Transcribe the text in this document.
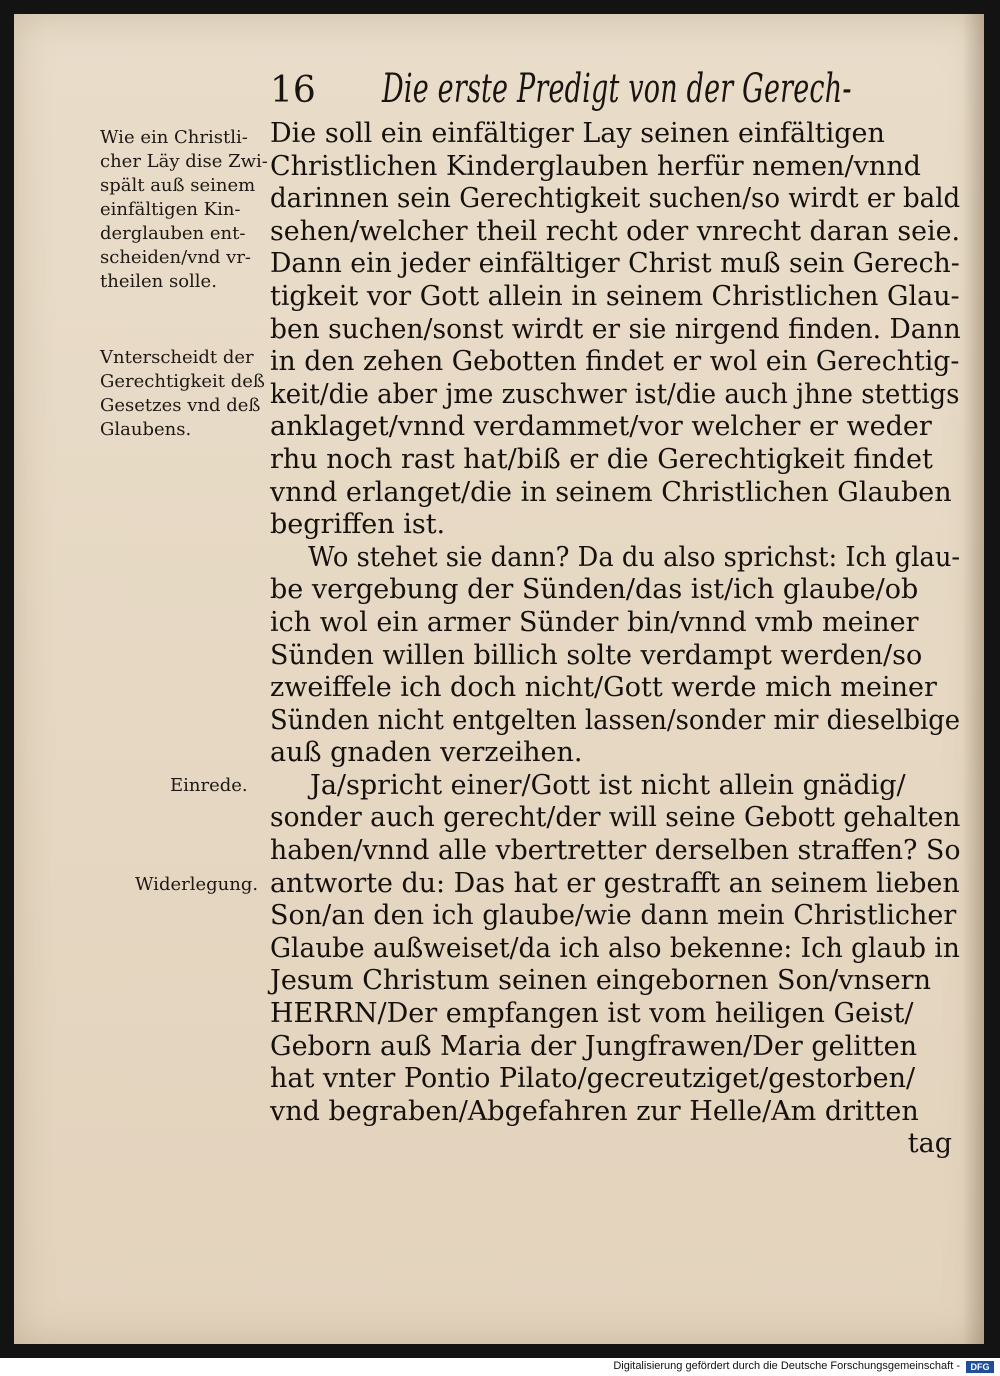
16 Die erste Predigt von der Gerech-
Wie ein Christli-
cher Läy dise Zwi-
spält auß seinem
einfältigen Kin-
derglauben ent-
scheiden/vnd vr-
theilen solle.
Vnterscheidt der
Gerechtigkeit deß
Gesetzes vnd deß
Glaubens.
Einrede.
Widerlegung.
Die soll ein einfältiger Lay seinen einfältigen
Christlichen Kinderglauben herfür nemen/vnnd
darinnen sein Gerechtigkeit suchen/so wirdt er bald
sehen/welcher theil recht oder vnrecht daran seie.
Dann ein jeder einfältiger Christ muß sein Gerech-
tigkeit vor Gott allein in seinem Christlichen Glau-
ben suchen/sonst wirdt er sie nirgend finden. Dann
in den zehen Gebotten findet er wol ein Gerechtig-
keit/die aber jme zuschwer ist/die auch jhne stettigs
anklaget/vnnd verdammet/vor welcher er weder
rhu noch rast hat/biß er die Gerechtigkeit findet
vnnd erlanget/die in seinem Christlichen Glauben
begriffen ist.
Wo stehet sie dann? Da du also sprichst: Ich glau-
be vergebung der Sünden/das ist/ich glaube/ob
ich wol ein armer Sünder bin/vnnd vmb meiner
Sünden willen billich solte verdampt werden/so
zweiffele ich doch nicht/Gott werde mich meiner
Sünden nicht entgelten lassen/sonder mir dieselbige
auß gnaden verzeihen.
Ja/spricht einer/Gott ist nicht allein gnädig/
sonder auch gerecht/der will seine Gebott gehalten
haben/vnnd alle vbertretter derselben straffen? So
antworte du: Das hat er gestrafft an seinem lieben
Son/an den ich glaube/wie dann mein Christlicher
Glaube außweiset/da ich also bekenne: Ich glaub in
Jesum Christum seinen eingebornen Son/vnsern
HERRN/Der empfangen ist vom heiligen Geist/
Geborn auß Maria der Jungfrawen/Der gelitten
hat vnter Pontio Pilato/gecreutziget/gestorben/
vnd begraben/Abgefahren zur Helle/Am dritten
tag
Digitalisierung gefördert durch die Deutsche Forschungsgemeinschaft -	DFG
